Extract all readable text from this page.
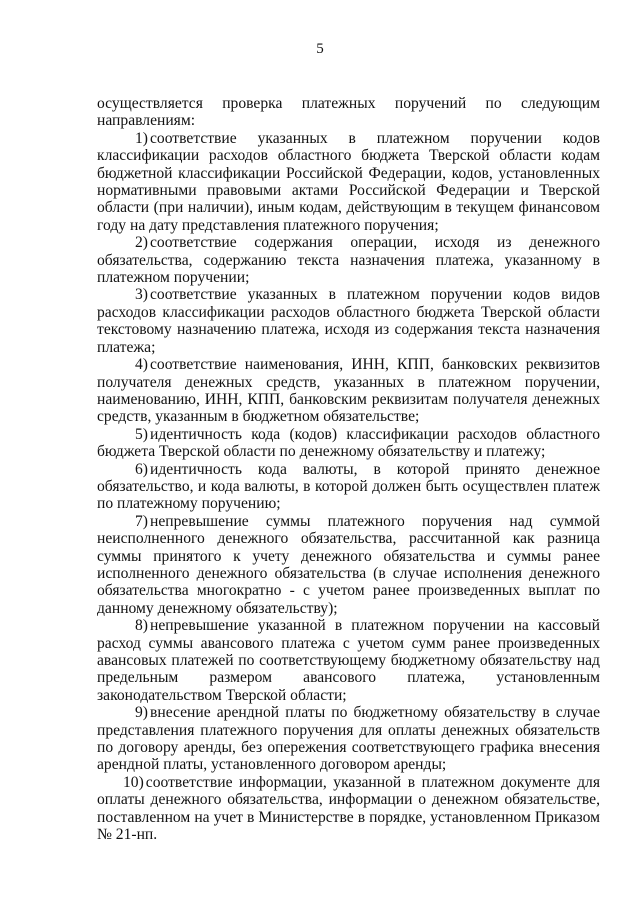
5

осуществляется проверка платежных поручений по следующим направлениям:

1) соответствие указанных в платежном поручении кодов классификации расходов областного бюджета Тверской области кодам бюджетной классификации Российской Федерации, кодов, установленных нормативными правовыми актами Российской Федерации и Тверской области (при наличии), иным кодам, действующим в текущем финансовом году на дату представления платежного поручения;

2) соответствие содержания операции, исходя из денежного обязательства, содержанию текста назначения платежа, указанному в платежном поручении;

3) соответствие указанных в платежном поручении кодов видов расходов классификации расходов областного бюджета Тверской области текстовому назначению платежа, исходя из содержания текста назначения платежа;

4) соответствие наименования, ИНН, КПП, банковских реквизитов получателя денежных средств, указанных в платежном поручении, наименованию, ИНН, КПП, банковским реквизитам получателя денежных средств, указанным в бюджетном обязательстве;

5) идентичность кода (кодов) классификации расходов областного бюджета Тверской области по денежному обязательству и платежу;

6) идентичность кода валюты, в которой принято денежное обязательство, и кода валюты, в которой должен быть осуществлен платеж по платежному поручению;

7) непревышение суммы платежного поручения над суммой неисполненного денежного обязательства, рассчитанной как разница суммы принятого к учету денежного обязательства и суммы ранее исполненного денежного обязательства (в случае исполнения денежного обязательства многократно - с учетом ранее произведенных выплат по данному денежному обязательству);

8) непревышение указанной в платежном поручении на кассовый расход суммы авансового платежа с учетом сумм ранее произведенных авансовых платежей по соответствующему бюджетному обязательству над предельным размером авансового платежа, установленным законодательством Тверской области;

9) внесение арендной платы по бюджетному обязательству в случае представления платежного поручения для оплаты денежных обязательств по договору аренды, без опережения соответствующего графика внесения арендной платы, установленного договором аренды;

10) соответствие информации, указанной в платежном документе для оплаты денежного обязательства, информации о денежном обязательстве, поставленном на учет в Министерстве в порядке, установленном Приказом № 21-нп.
